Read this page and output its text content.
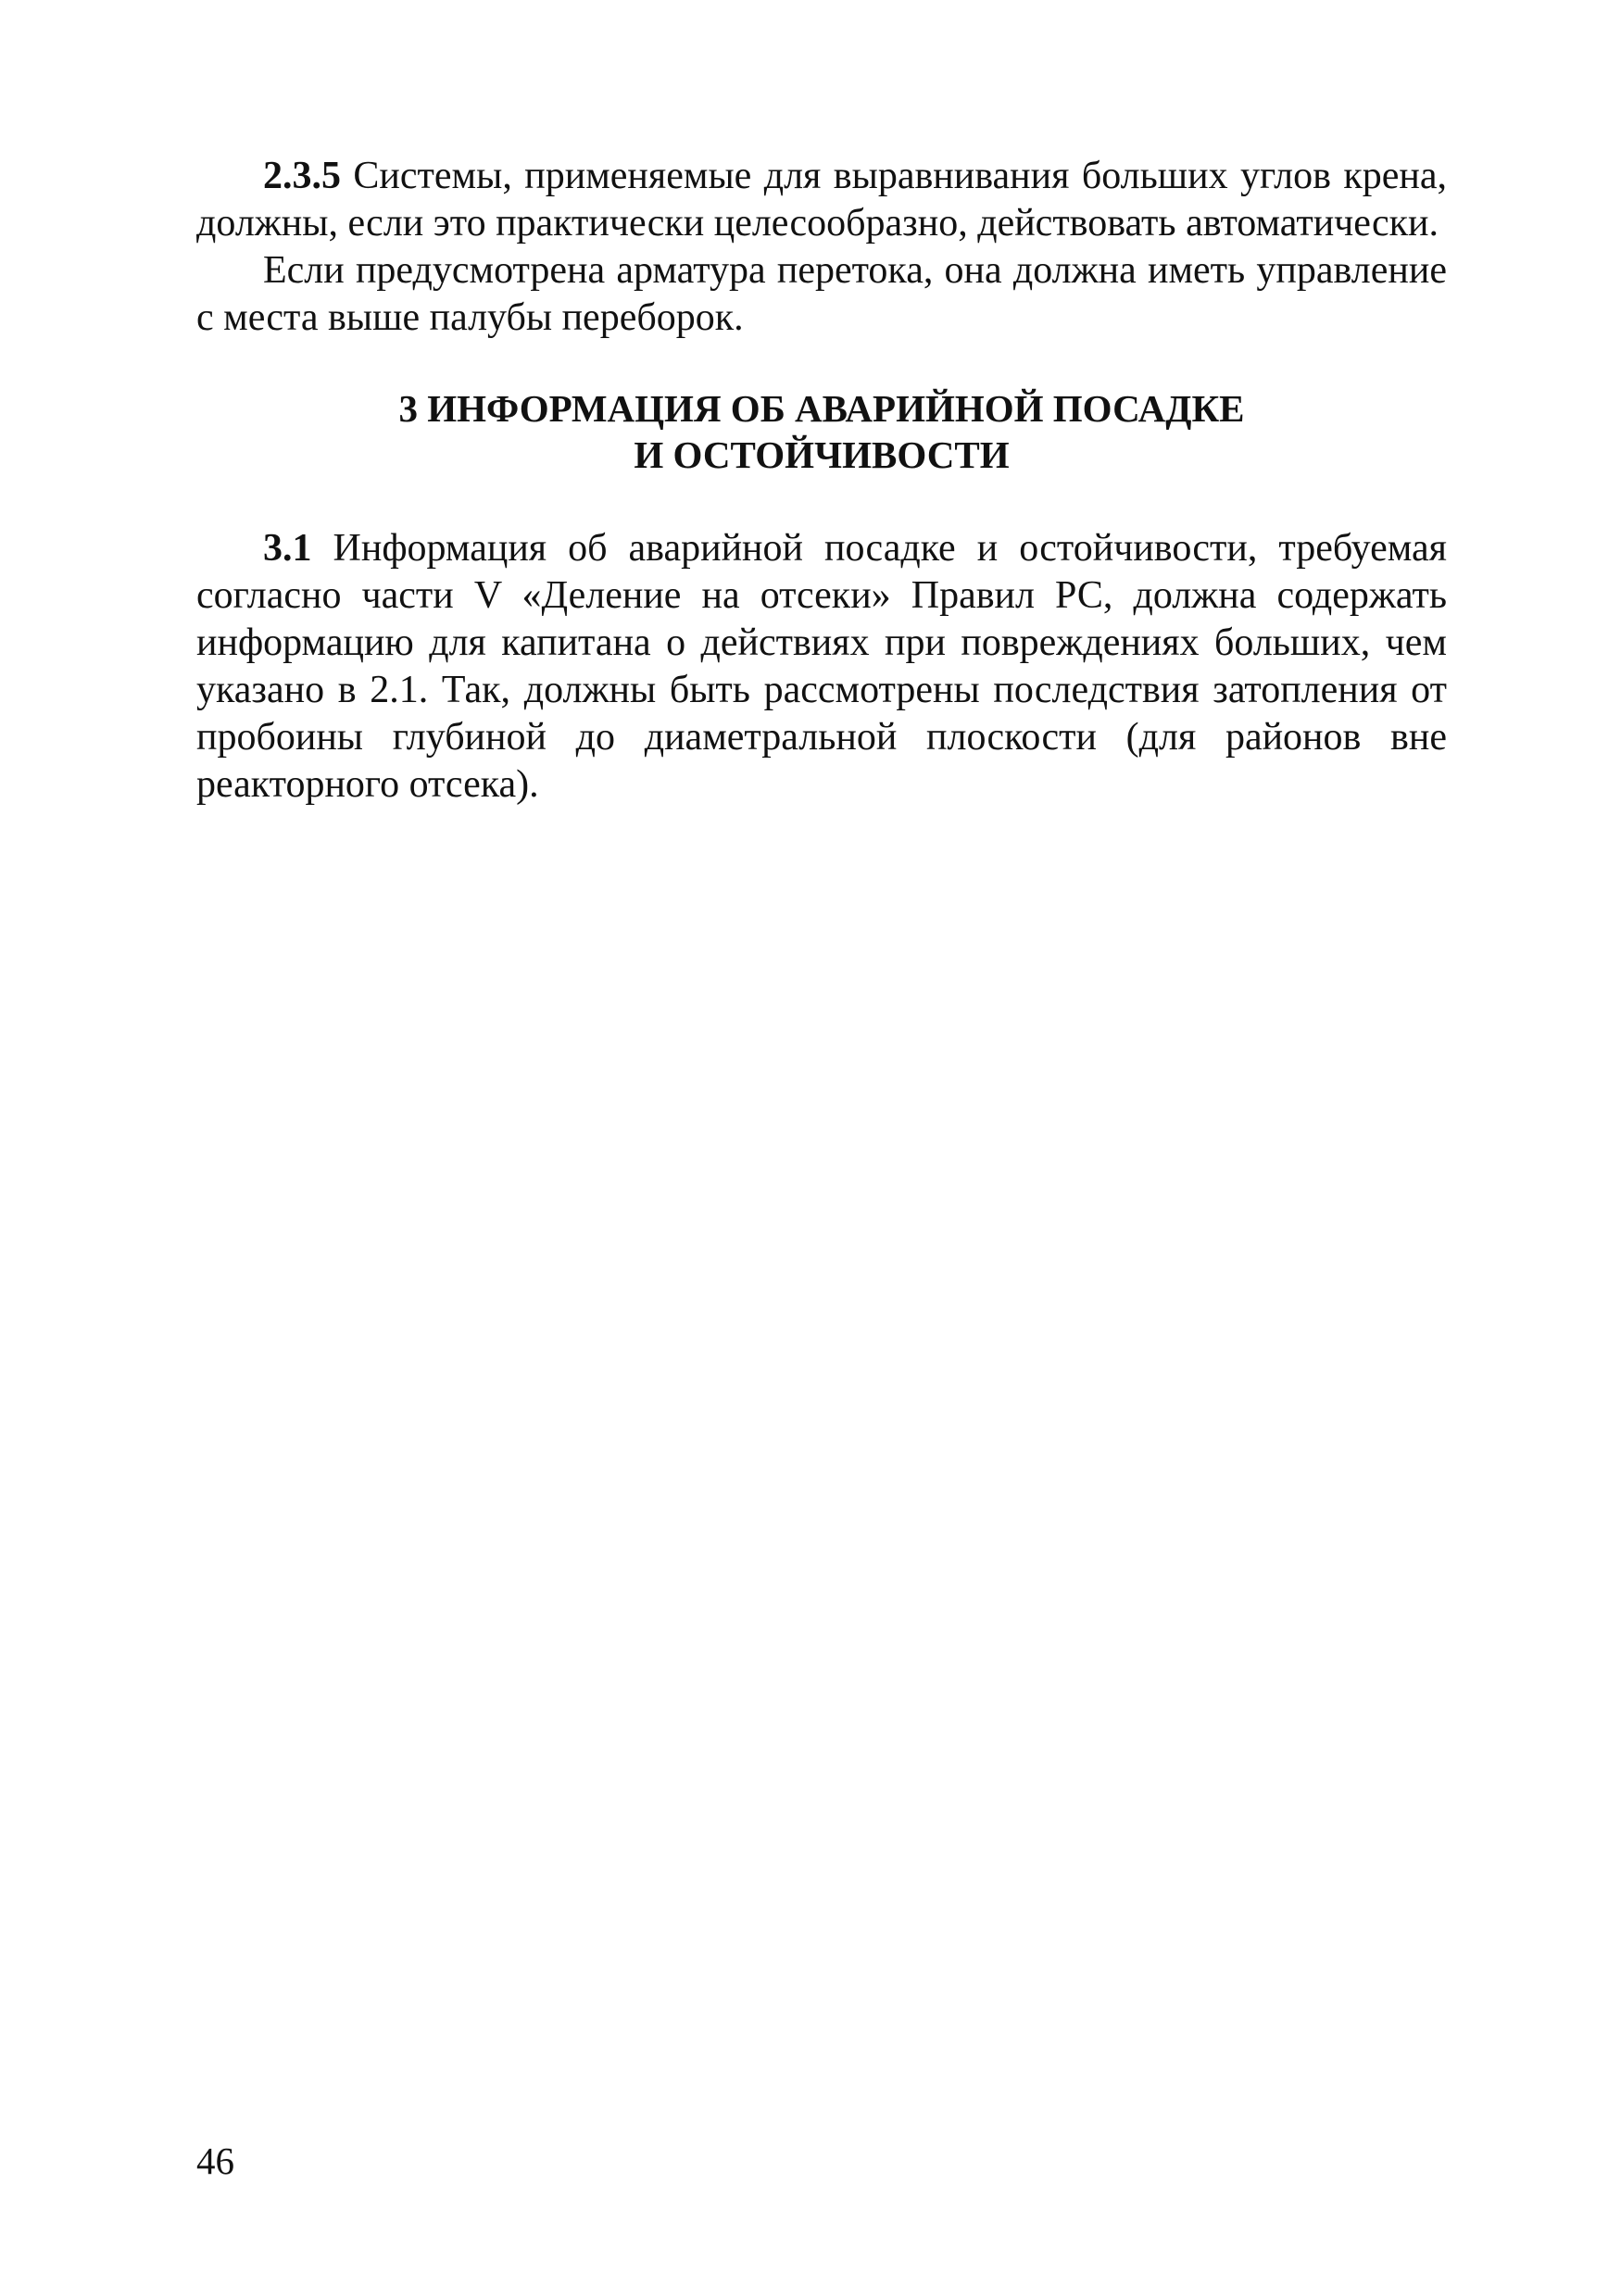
2.3.5 Системы, применяемые для выравнивания больших углов крена, должны, если это практически целесообразно, действовать автоматически.

Если предусмотрена арматура перетока, она должна иметь управление с места выше палубы переборок.

3 ИНФОРМАЦИЯ ОБ АВАРИЙНОЙ ПОСАДКЕ
И ОСТОЙЧИВОСТИ

3.1 Информация об аварийной посадке и остойчивости, требуемая согласно части V «Деление на отсеки» Правил РС, должна содержать информацию для капитана о действиях при повреждениях больших, чем указано в 2.1. Так, должны быть рассмотрены последствия затопления от пробоины глубиной до диаметральной плоскости (для районов вне реакторного отсека).

46
